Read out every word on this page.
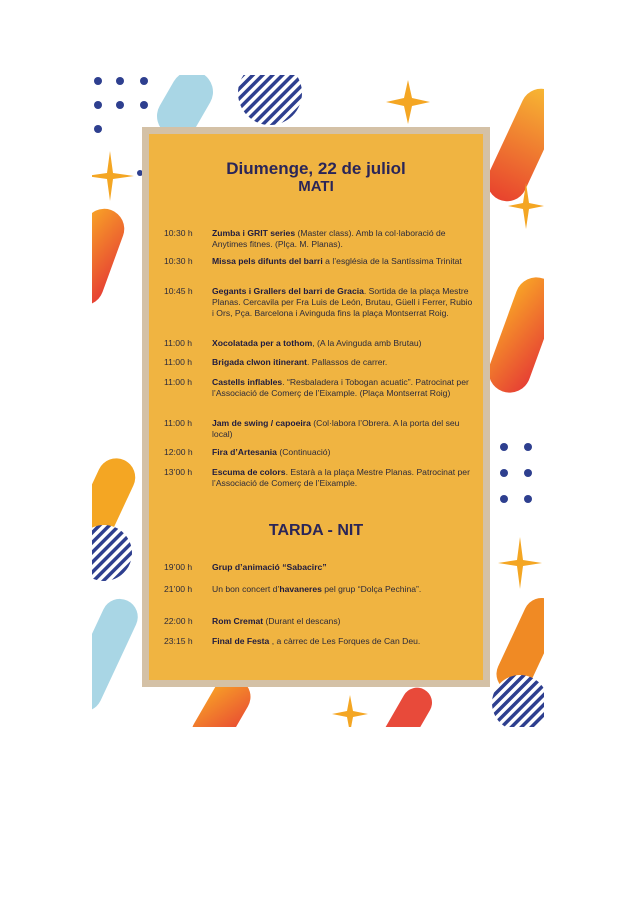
Diumenge, 22 de juliol
MATI
10:30 h	Zumba i GRIT series (Master class). Amb la col·laboració de Anytimes fitnes. (Plça. M. Planas).
10:30 h	Missa pels difunts del barri a l’església de la Santíssima Trinitat
10:45 h	Gegants i Grallers del barri de Gracia. Sortida de la plaça Mestre Planas. Cercavila per Fra Luis de León, Brutau, Güell i Ferrer, Rubio i Ors, Pça. Barcelona i Avinguda fins la plaça Montserrat Roig.
11:00 h	Xocolatada per a tothom, (A la Avinguda amb Brutau)
11:00 h	Brigada clwon itinerant. Pallassos de carrer.
11:00 h	Castells inflables. “Resbaladera i Tobogan acuatic”. Patrocinat per l’Associació de Comerç de l’Eixample. (Plaça Montserrat Roig)
11:00 h	Jam de swing / capoeira (Col·labora l’Obrera. A la porta del seu local)
12:00 h	Fira d’Artesania (Continuació)
13’00 h	Escuma de colors. Estarà a la plaça Mestre Planas. Patrocinat per l’Associació de Comerç de l’Eixample.
TARDA - NIT
19’00 h	Grup d’animació “Sabacirc”
21’00 h	Un bon concert d’havaneres pel grup “Dolça Pechina”.
22:00 h	Rom Cremat (Durant el descans)
23:15 h	Final de Festa , a càrrec de Les Forques de Can Deu.
